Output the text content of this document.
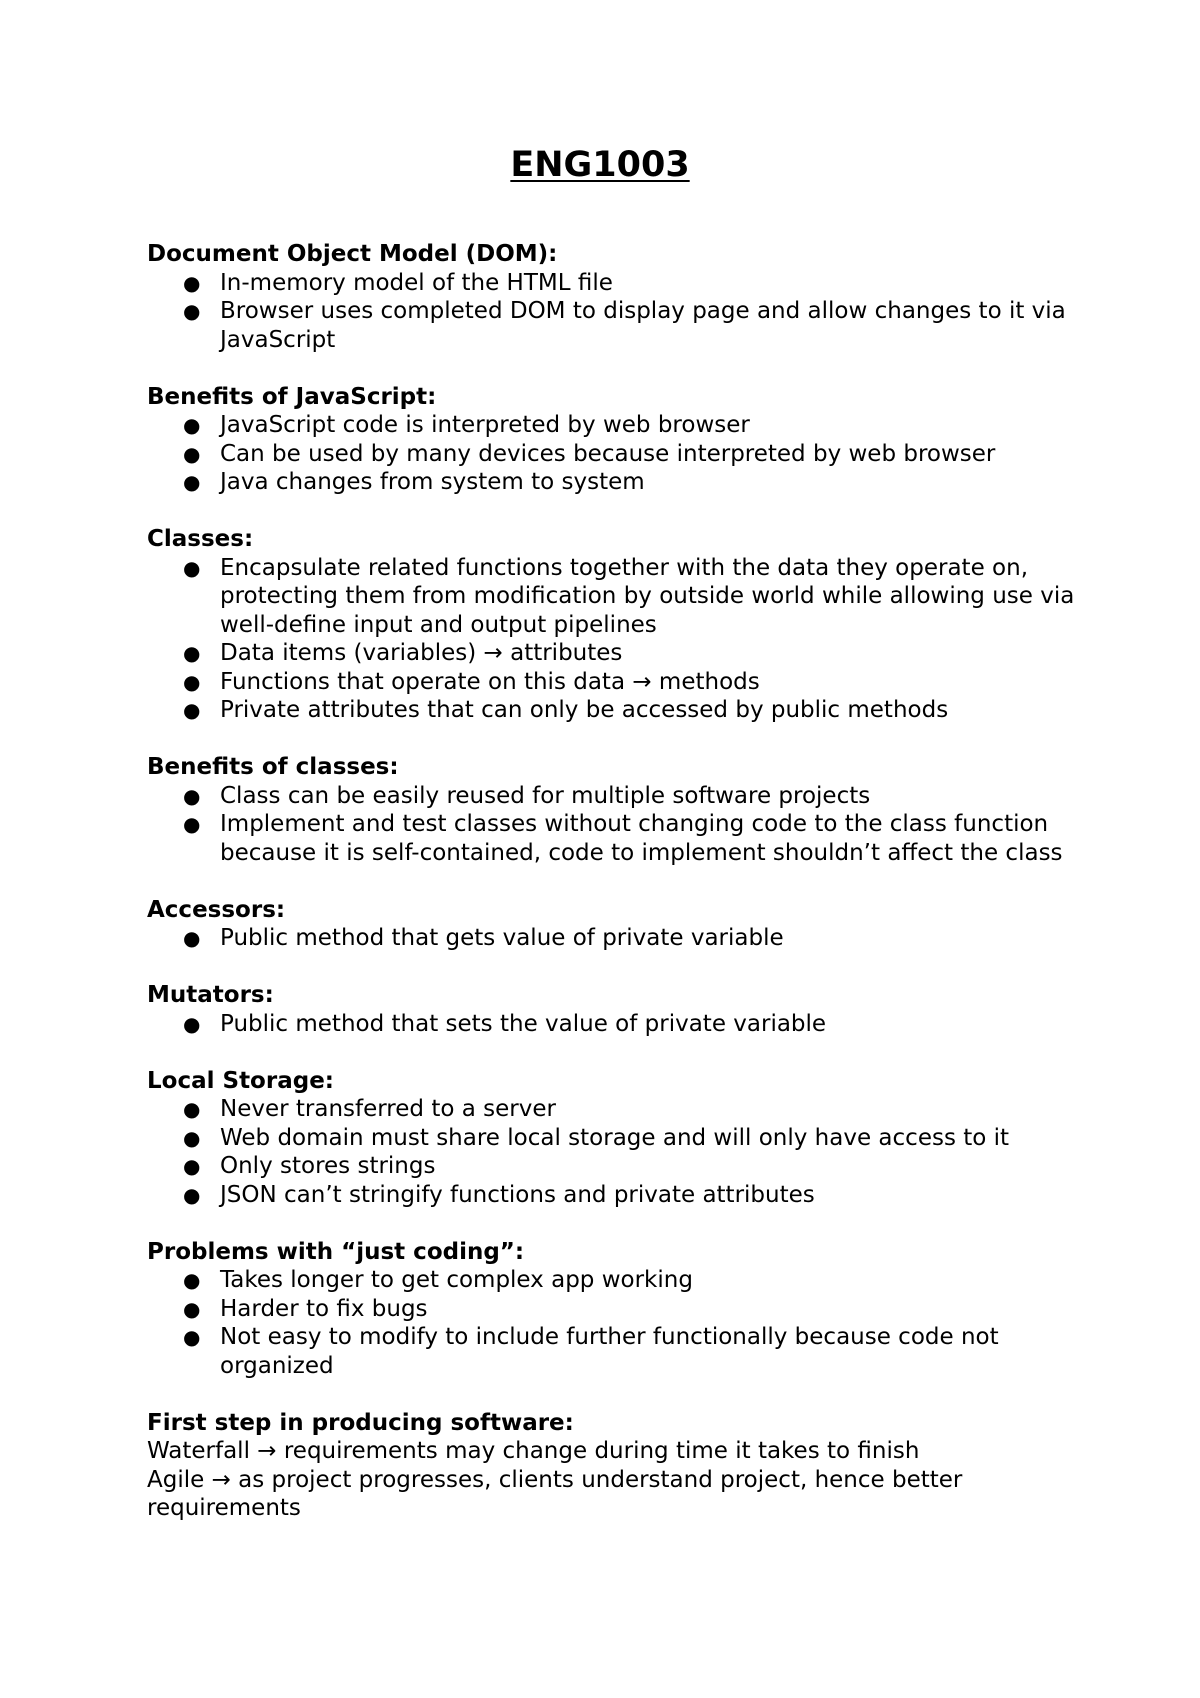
ENG1003
Document Object Model (DOM):
● In-memory model of the HTML file
● Browser uses completed DOM to display page and allow changes to it via JavaScript
Benefits of JavaScript:
● JavaScript code is interpreted by web browser
● Can be used by many devices because interpreted by web browser
● Java changes from system to system
Classes:
● Encapsulate related functions together with the data they operate on, protecting them from modification by outside world while allowing use via well-define input and output pipelines
● Data items (variables) → attributes
● Functions that operate on this data → methods
● Private attributes that can only be accessed by public methods
Benefits of classes:
● Class can be easily reused for multiple software projects
● Implement and test classes without changing code to the class function because it is self-contained, code to implement shouldn’t affect the class
Accessors:
● Public method that gets value of private variable
Mutators:
● Public method that sets the value of private variable
Local Storage:
● Never transferred to a server
● Web domain must share local storage and will only have access to it
● Only stores strings
● JSON can’t stringify functions and private attributes
Problems with “just coding”:
● Takes longer to get complex app working
● Harder to fix bugs
● Not easy to modify to include further functionally because code not organized
First step in producing software:
Waterfall → requirements may change during time it takes to finish
Agile → as project progresses, clients understand project, hence better requirements
